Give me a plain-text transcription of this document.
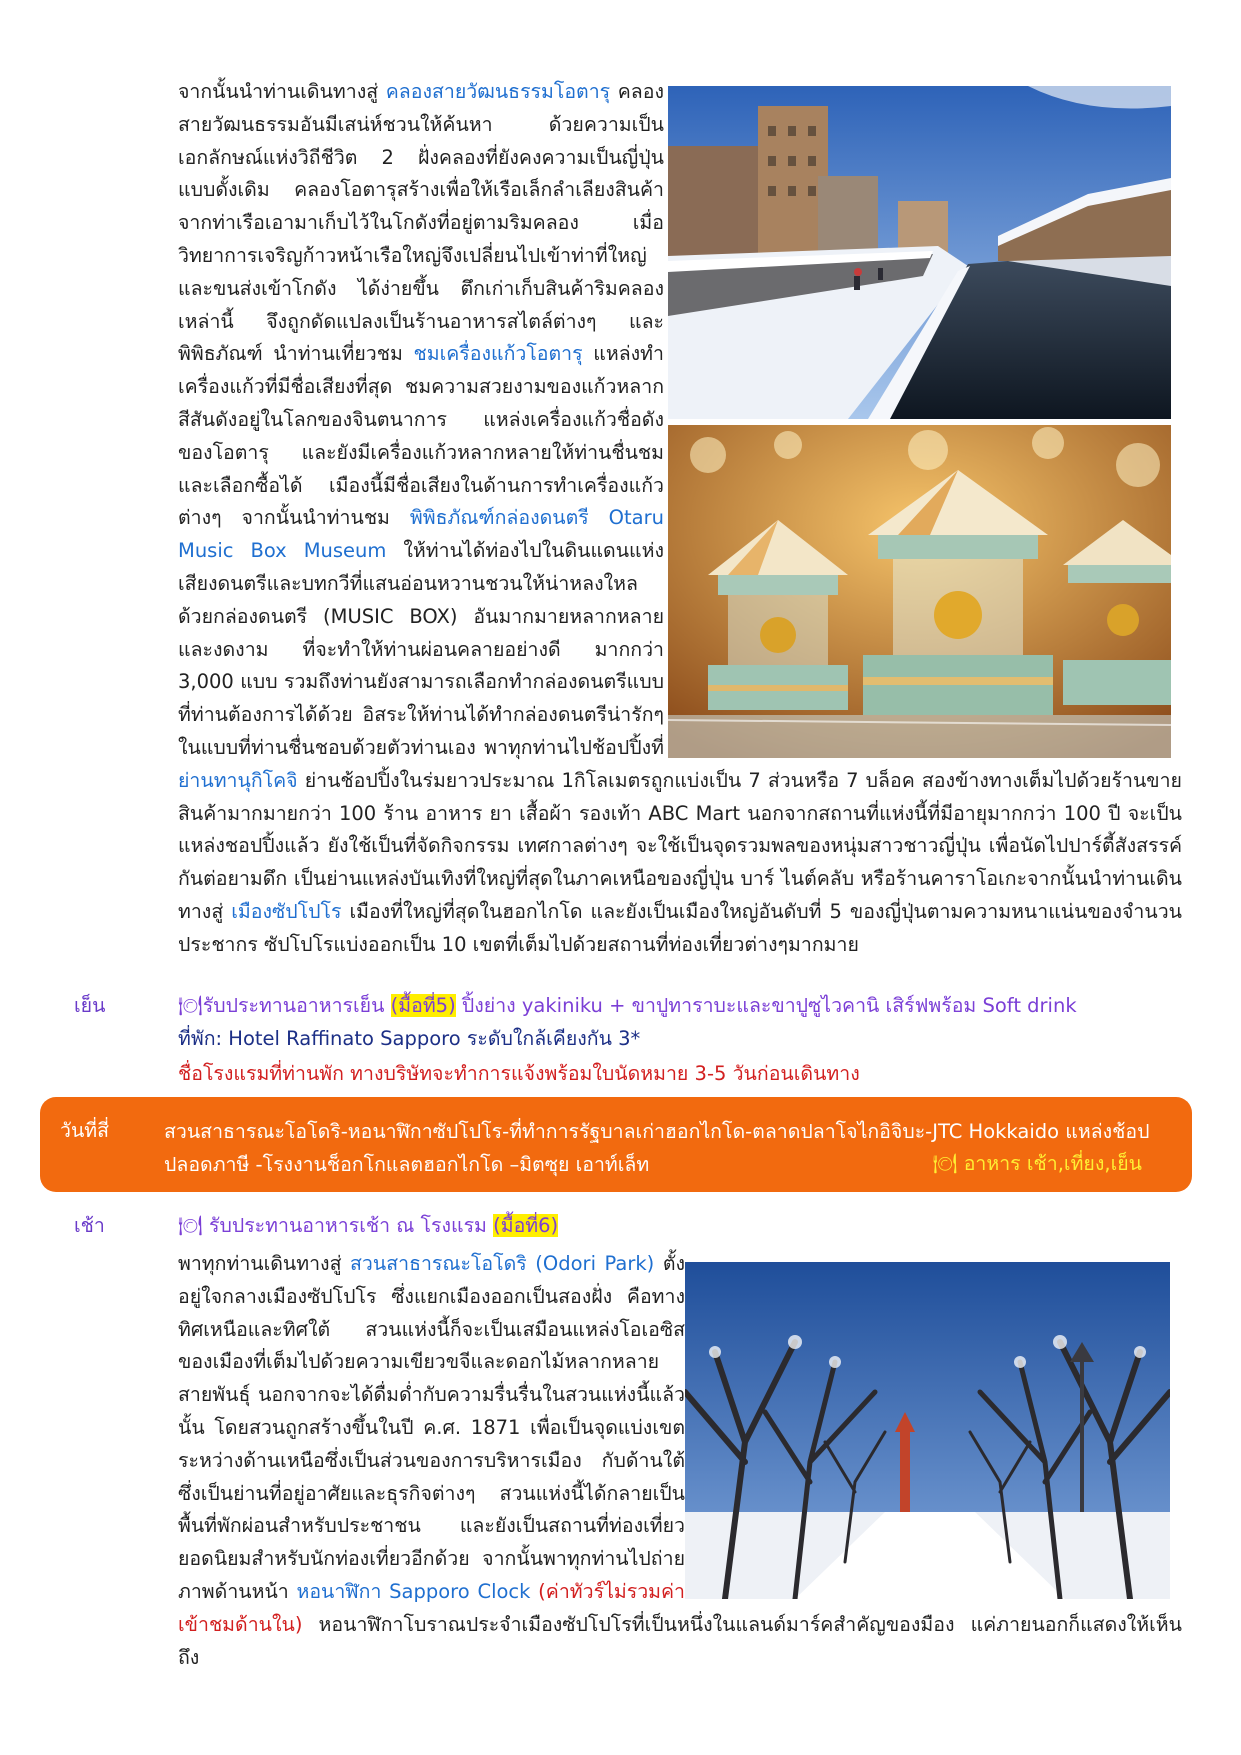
จากนั้นนำท่านเดินทางสู่ คลองสายวัฒนธรรมโอตารุ คลองสายวัฒนธรรมอันมีเสน่ห์ชวนให้ค้นหา ด้วยความเป็นเอกลักษณ์แห่งวิถีชีวิต 2 ฝั่งคลองที่ยังคงความเป็นญี่ปุ่นแบบดั้งเดิม คลองโอตารุสร้างเพื่อให้เรือเล็กลำเลียงสินค้าจากท่าเรือเอามาเก็บไว้ในโกดังที่อยู่ตามริมคลอง เมื่อวิทยาการเจริญก้าวหน้าเรือใหญ่จึงเปลี่ยนไปเข้าท่าที่ใหญ่และขนส่งเข้าโกดัง ได้ง่ายขึ้น ตึกเก่าเก็บสินค้าริมคลองเหล่านี้ จึงถูกดัดแปลงเป็นร้านอาหารสไตล์ต่างๆ และพิพิธภัณฑ์ นำท่านเที่ยวชม ชมเครื่องแก้วโอตารุ แหล่งทำเครื่องแก้วที่มีชื่อเสียงที่สุด ชมความสวยงามของแก้วหลากสีสันดังอยู่ในโลกของจินตนาการ แหล่งเครื่องแก้วชื่อดังของโอตารุ และยังมีเครื่องแก้วหลากหลายให้ท่านชื่นชม และเลือกซื้อได้ เมืองนี้มีชื่อเสียงในด้านการทำเครื่องแก้วต่างๆ จากนั้นนำท่านชม พิพิธภัณฑ์กล่องดนตรี Otaru Music Box Museum ให้ท่านได้ท่องไปในดินแดนแห่งเสียงดนตรีและบทกวีที่แสนอ่อนหวานชวนให้น่าหลงใหล ด้วยกล่องดนตรี (MUSIC BOX) อันมากมายหลากหลายและงดงาม ที่จะทำให้ท่านผ่อนคลายอย่างดี มากกว่า 3,000 แบบ รวมถึงท่านยังสามารถเลือกทำกล่องดนตรีแบบที่ท่านต้องการได้ด้วย อิสระให้ท่านได้ทำกล่องดนตรีน่ารักๆในแบบที่ท่านชื่นชอบด้วยตัวท่านเอง พาทุกท่านไปช้อปปิ้งที่ ย่านทานุกิโคจิ ย่านช้อปปิ้งในร่มยาวประมาณ 1กิโลเมตรถูกแบ่งเป็น 7 ส่วนหรือ 7 บล็อค สองข้างทางเต็มไปด้วยร้านขายสินค้ามากมายกว่า 100 ร้าน อาหาร ยา เสื้อผ้า รองเท้า ABC Mart นอกจากสถานที่แห่งนี้ที่มีอายุมากกว่า 100 ปี จะเป็นแหล่งชอปปิ้งแล้ว ยังใช้เป็นที่จัดกิจกรรม เทศกาลต่างๆ จะใช้เป็นจุดรวมพลของหนุ่มสาวชาวญี่ปุ่น เพื่อนัดไปปาร์ตี้สังสรรค์กันต่อยามดึก เป็นย่านแหล่งบันเทิงที่ใหญ่ที่สุดในภาคเหนือของญี่ปุ่น บาร์ ไนต์คลับ หรือร้านคาราโอเกะจากนั้นนำท่านเดินทางสู่ เมืองซัปโปโร เมืองที่ใหญ่ที่สุดในฮอกไกโด และยังเป็นเมืองใหญ่อันดับที่ 5 ของญี่ปุ่นตามความหนาแน่นของจำนวนประชากร ซัปโปโรแบ่งออกเป็น 10 เขตที่เต็มไปด้วยสถานที่ท่องเที่ยวต่างๆมากมาย
เย็น	🍽รับประทานอาหารเย็น (มื้อที่5) ปิ้งย่าง yakiniku + ขาปูทาราบะและขาปูซูไวคานิ เสิร์ฟพร้อม Soft drink
ที่พัก: Hotel Raffinato Sapporo ระดับใกล้เคียงกัน 3*
ชื่อโรงแรมที่ท่านพัก ทางบริษัทจะทำการแจ้งพร้อมใบนัดหมาย 3-5 วันก่อนเดินทาง
วันที่สี่	สวนสาธารณะโอโดริ-หอนาฬิกาซัปโปโร-ที่ทำการรัฐบาลเก่าฮอกไกโด-ตลาดปลาโจไกอิจิบะ-JTC Hokkaido แหล่งช้อปปลอดภาษี -โรงงานช็อกโกแลตฮอกไกโด –มิตซุย เอาท์เล็ท	🍽 อาหาร เช้า,เที่ยง,เย็น
เช้า	🍽 รับประทานอาหารเช้า ณ โรงแรม (มื้อที่6)
พาทุกท่านเดินทางสู่ สวนสาธารณะโอโดริ (Odori Park) ตั้งอยู่ใจกลางเมืองซัปโปโร ซึ่งแยกเมืองออกเป็นสองฝั่ง คือทางทิศเหนือและทิศใต้ สวนแห่งนี้ก็จะเป็นเสมือนแหล่งโอเอซิสของเมืองที่เต็มไปด้วยความเขียวขจีและดอกไม้หลากหลายสายพันธุ์ นอกจากจะได้ดื่มด่ำกับความรื่นรื่นในสวนแห่งนี้แล้วนั้น โดยสวนถูกสร้างขึ้นในปี ค.ศ. 1871 เพื่อเป็นจุดแบ่งเขต ระหว่างด้านเหนือซึ่งเป็นส่วนของการบริหารเมือง กับด้านใต้ซึ่งเป็นย่านที่อยู่อาศัยและธุรกิจต่างๆ สวนแห่งนี้ได้กลายเป็นพื้นที่พักผ่อนสำหรับประชาชน และยังเป็นสถานที่ท่องเที่ยวยอดนิยมสำหรับนักท่องเที่ยวอีกด้วย จากนั้นพาทุกท่านไปถ่ายภาพด้านหน้า หอนาฬิกา Sapporo Clock (ค่าทัวร์ไม่รวมค่าเข้าชมด้านใน) หอนาฬิกาโบราณประจำเมืองซัปโปโรที่เป็นหนึ่งในแลนด์มาร์คสำคัญของมือง แค่ภายนอกก็แสดงให้เห็นถึง
